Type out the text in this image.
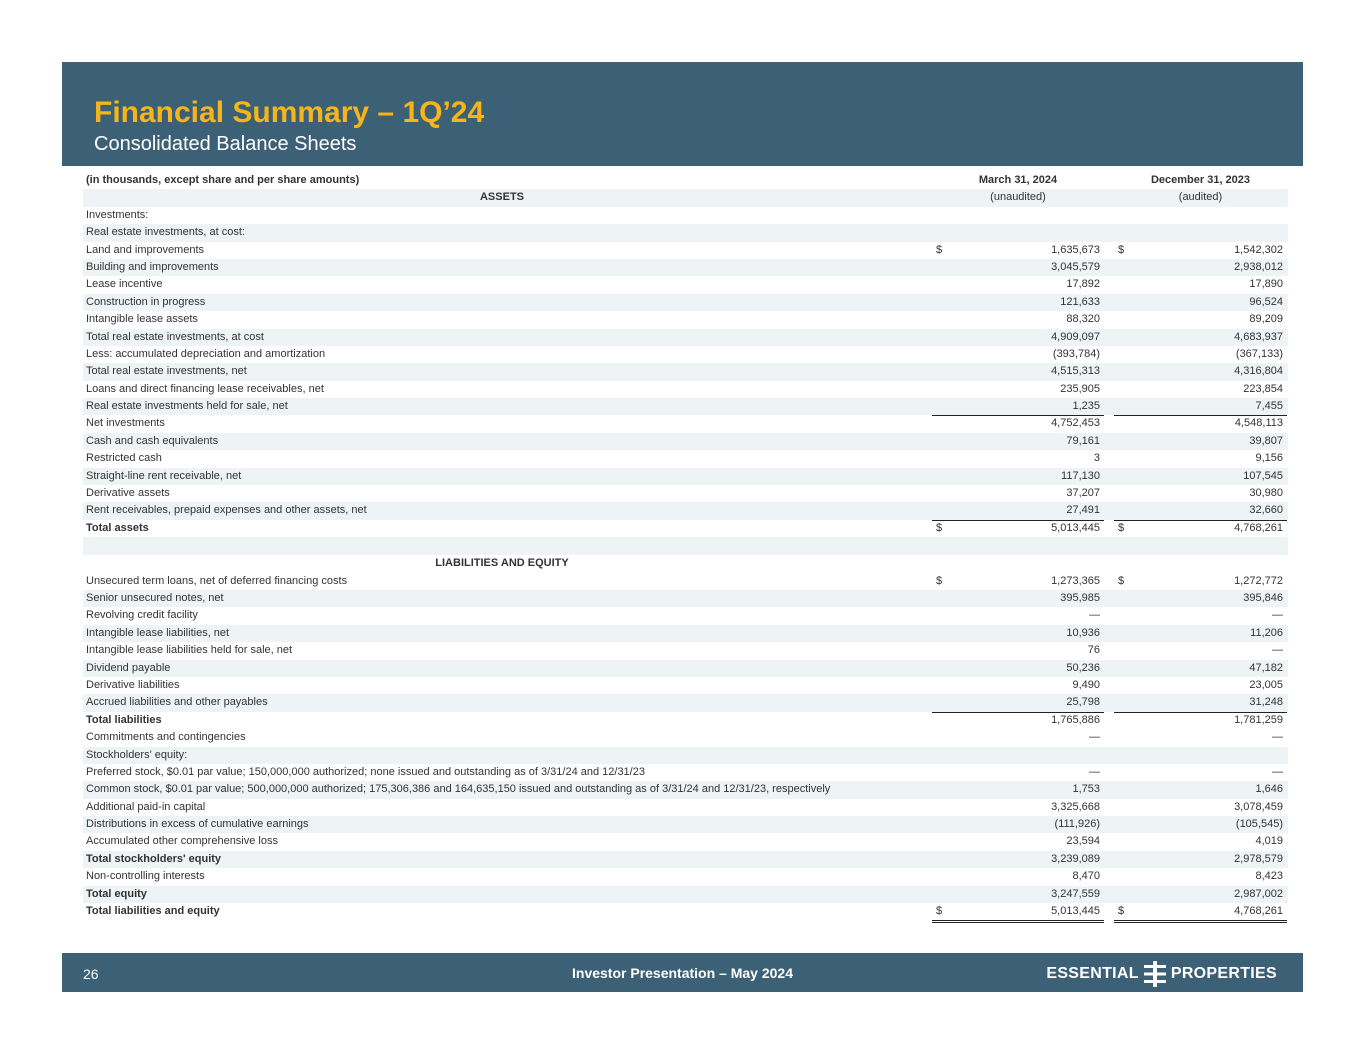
Financial Summary – 1Q’24
Consolidated Balance Sheets
(in thousands, except share and per share amounts)	March 31, 2024	December 31, 2023
ASSETS	(unaudited)	(audited)
Investments:
Real estate investments, at cost:
Land and improvements	$	1,635,673 $	1,542,302
Building and improvements	3,045,579	2,938,012
Lease incentive	17,892	17,890
Construction in progress	121,633	96,524
Intangible lease assets	88,320	89,209
Total real estate investments, at cost	4,909,097	4,683,937
Less: accumulated depreciation and amortization	(393,784)	(367,133)
Total real estate investments, net	4,515,313	4,316,804
Loans and direct financing lease receivables, net	235,905	223,854
Real estate investments held for sale, net	1,235	7,455
Net investments	4,752,453	4,548,113
Cash and cash equivalents	79,161	39,807
Restricted cash	3	9,156
Straight-line rent receivable, net	117,130	107,545
Derivative assets	37,207	30,980
Rent receivables, prepaid expenses and other assets, net	27,491	32,660
Total assets	$	5,013,445 $	4,768,261
LIABILITIES AND EQUITY
Unsecured term loans, net of deferred financing costs	$	1,273,365 $	1,272,772
Senior unsecured notes, net	395,985	395,846
Revolving credit facility	—	—
Intangible lease liabilities, net	10,936	11,206
Intangible lease liabilities held for sale, net	76	—
Dividend payable	50,236	47,182
Derivative liabilities	9,490	23,005
Accrued liabilities and other payables	25,798	31,248
Total liabilities	1,765,886	1,781,259
Commitments and contingencies	—	—
Stockholders' equity:
Preferred stock, $0.01 par value; 150,000,000 authorized; none issued and outstanding as of 3/31/24 and 12/31/23	—	—
Common stock, $0.01 par value; 500,000,000 authorized; 175,306,386 and 164,635,150 issued and outstanding as of 3/31/24 and 12/31/23, respectively	1,753	1,646
Additional paid-in capital	3,325,668	3,078,459
Distributions in excess of cumulative earnings	(111,926)	(105,545)
Accumulated other comprehensive loss	23,594	4,019
Total stockholders' equity	3,239,089	2,978,579
Non-controlling interests	8,470	8,423
Total equity	3,247,559	2,987,002
Total liabilities and equity	$	5,013,445 $	4,768,261
26	Investor Presentation – May 2024	ESSENTIAL PROPERTIES
